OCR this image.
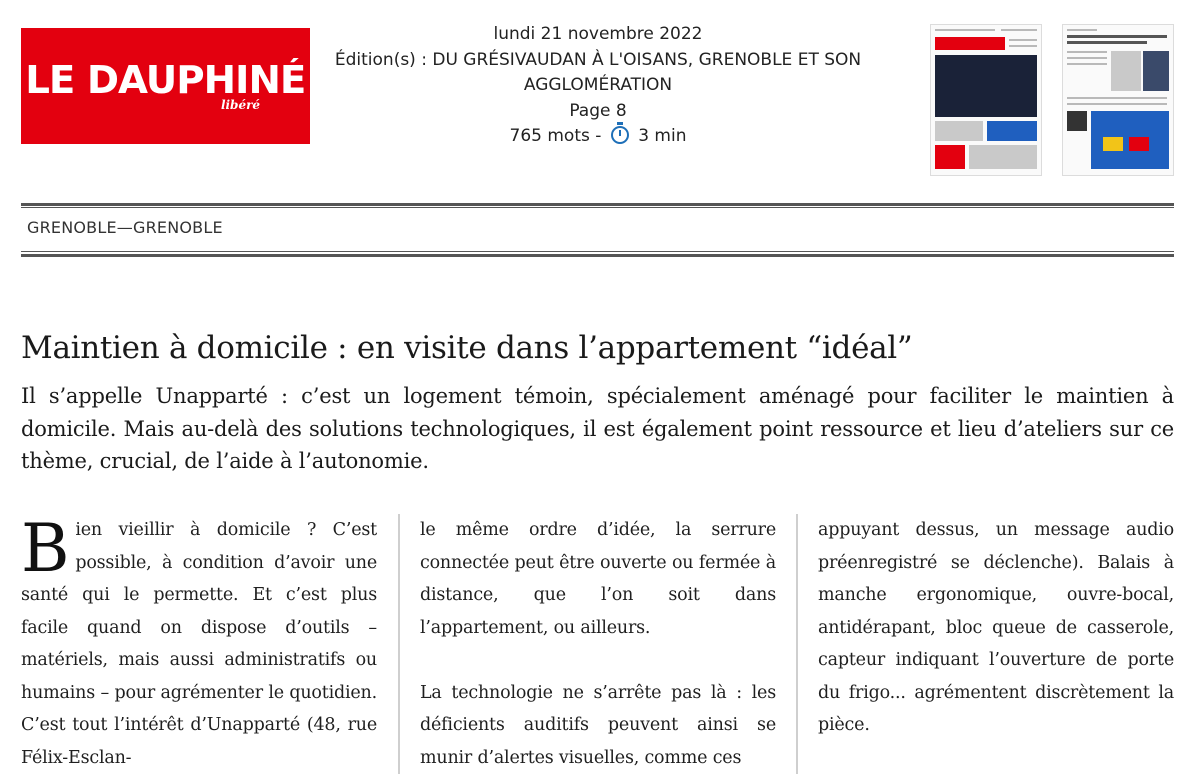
LE DAUPHINÉ
libéré
lundi 21 novembre 2022
Édition(s) : DU GRÉSIVAUDAN À L'OISANS, GRENOBLE ET SON AGGLOMÉRATION
Page 8
765 mots -  3 min
GRENOBLE—GRENOBLE
Maintien à domicile : en visite dans l’appartement “idéal”

Il s’appelle Unapparté : c’est un logement témoin, spécialement aménagé pour faciliter le maintien à domicile. Mais au-delà des solutions technologiques, il est également point ressource et lieu d’ateliers sur ce thème, crucial, de l’aide à l’autonomie.

Bien vieillir à domicile ? C’est possible, à condition d’avoir une santé qui le permette. Et c’est plus facile quand on dispose d’outils – matériels, mais aussi administratifs ou humains – pour agrémenter le quotidien. C’est tout l’intérêt d’Unapparté (48, rue Félix-Esclan-

le même ordre d’idée, la serrure connectée peut être ouverte ou fermée à distance, que l’on soit dans l’appartement, ou ailleurs.

La technologie ne s’arrête pas là : les déficients auditifs peuvent ainsi se munir d’alertes visuelles, comme ces

appuyant dessus, un message audio préenregistré se déclenche). Balais à manche ergonomique, ouvre-bocal, antidérapant, bloc queue de casserole, capteur indiquant l’ouverture de porte du frigo... agrémentent discrètement la pièce.
